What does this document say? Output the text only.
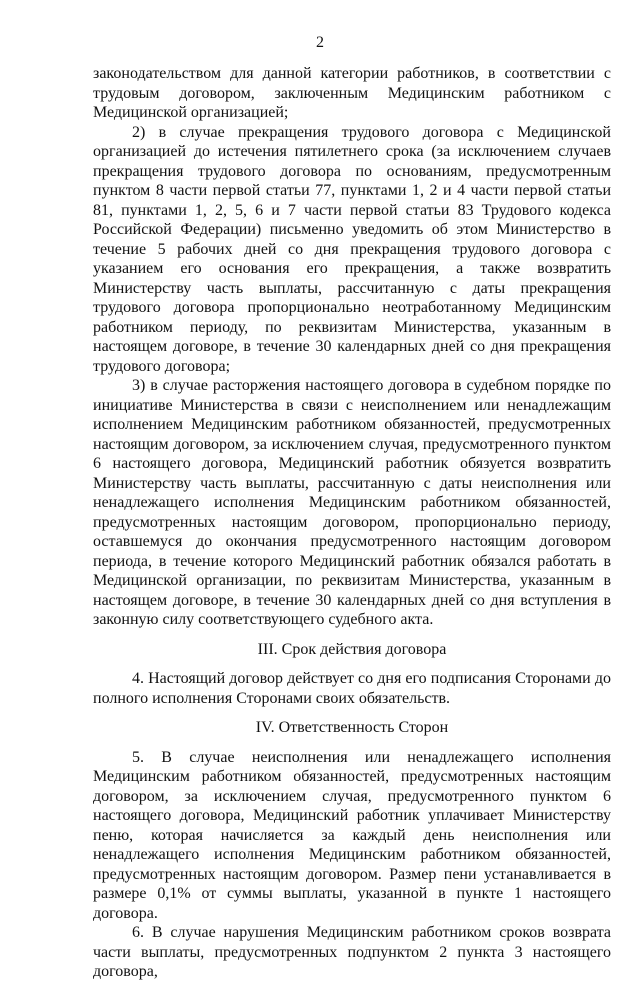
2

законодательством для данной категории работников, в соответствии с трудовым договором, заключенным Медицинским работником с Медицинской организацией;

2) в случае прекращения трудового договора с Медицинской организацией до истечения пятилетнего срока (за исключением случаев прекращения трудового договора по основаниям, предусмотренным пунктом 8 части первой статьи 77, пунктами 1, 2 и 4 части первой статьи 81, пунктами 1, 2, 5, 6 и 7 части первой статьи 83 Трудового кодекса Российской Федерации) письменно уведомить об этом Министерство в течение 5 рабочих дней со дня прекращения трудового договора с указанием его основания его прекращения, а также возвратить Министерству часть выплаты, рассчитанную с даты прекращения трудового договора пропорционально неотработанному Медицинским работником периоду, по реквизитам Министерства, указанным в настоящем договоре, в течение 30 календарных дней со дня прекращения трудового договора;

3) в случае расторжения настоящего договора в судебном порядке по инициативе Министерства в связи с неисполнением или ненадлежащим исполнением Медицинским работником обязанностей, предусмотренных настоящим договором, за исключением случая, предусмотренного пунктом 6 настоящего договора, Медицинский работник обязуется возвратить Министерству часть выплаты, рассчитанную с даты неисполнения или ненадлежащего исполнения Медицинским работником обязанностей, предусмотренных настоящим договором, пропорционально периоду, оставшемуся до окончания предусмотренного настоящим договором периода, в течение которого Медицинский работник обязался работать в Медицинской организации, по реквизитам Министерства, указанным в настоящем договоре, в течение 30 календарных дней со дня вступления в законную силу соответствующего судебного акта.

III. Срок действия договора

4. Настоящий договор действует со дня его подписания Сторонами до полного исполнения Сторонами своих обязательств.

IV. Ответственность Сторон

5. В случае неисполнения или ненадлежащего исполнения Медицинским работником обязанностей, предусмотренных настоящим договором, за исключением случая, предусмотренного пунктом 6 настоящего договора, Медицинский работник уплачивает Министерству пеню, которая начисляется за каждый день неисполнения или ненадлежащего исполнения Медицинским работником обязанностей, предусмотренных настоящим договором. Размер пени устанавливается в размере 0,1% от суммы выплаты, указанной в пункте 1 настоящего договора.

6. В случае нарушения Медицинским работником сроков возврата части выплаты, предусмотренных подпунктом 2 пункта 3 настоящего договора,
